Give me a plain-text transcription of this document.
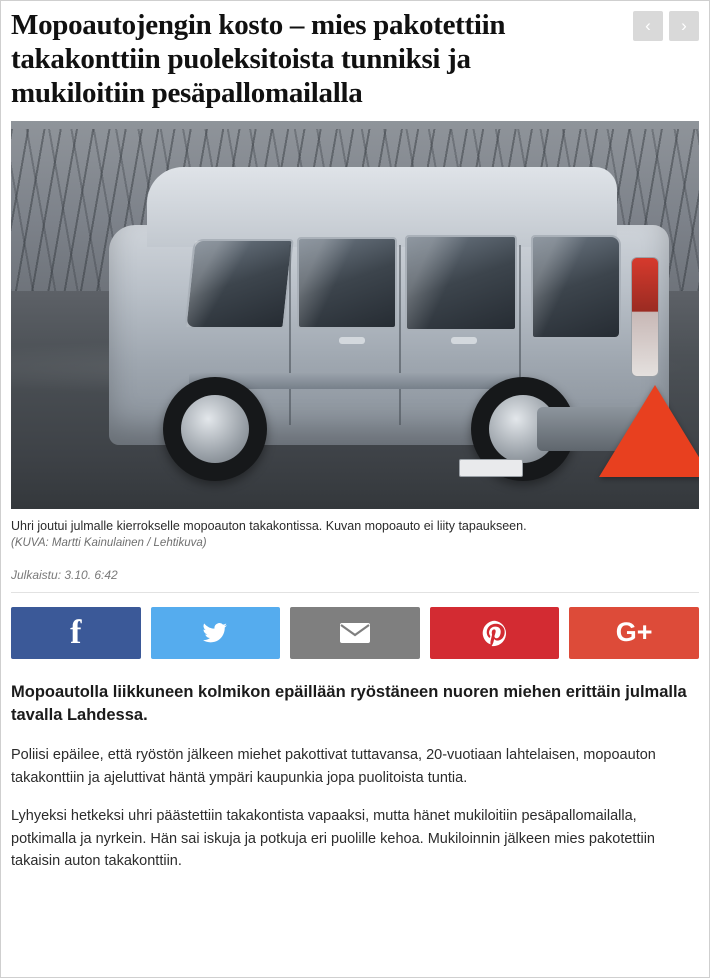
Mopoautojengin kosto – mies pakotettiin takakonttiin puoleksitoista tunniksi ja mukiloitiin pesäpallomailalla
‹	›
Uhri joutui julmalle kierrokselle mopoauton takakontissa. Kuvan mopoauto ei liity tapaukseen.
(KUVA: Martti Kainulainen / Lehtikuva)
Julkaistu: 3.10. 6:42
f	G+
Mopoautolla liikkuneen kolmikon epäillään ryöstäneen nuoren miehen erittäin julmalla tavalla Lahdessa.
Poliisi epäilee, että ryöstön jälkeen miehet pakottivat tuttavansa, 20-vuotiaan lahtelaisen, mopoauton takakonttiin ja ajeluttivat häntä ympäri kaupunkia jopa puolitoista tuntia.
Lyhyeksi hetkeksi uhri päästettiin takakontista vapaaksi, mutta hänet mukiloitiin pesäpallomailalla, potkimalla ja nyrkein. Hän sai iskuja ja potkuja eri puolille kehoa. Mukiloinnin jälkeen mies pakotettiin takaisin auton takakonttiin.
